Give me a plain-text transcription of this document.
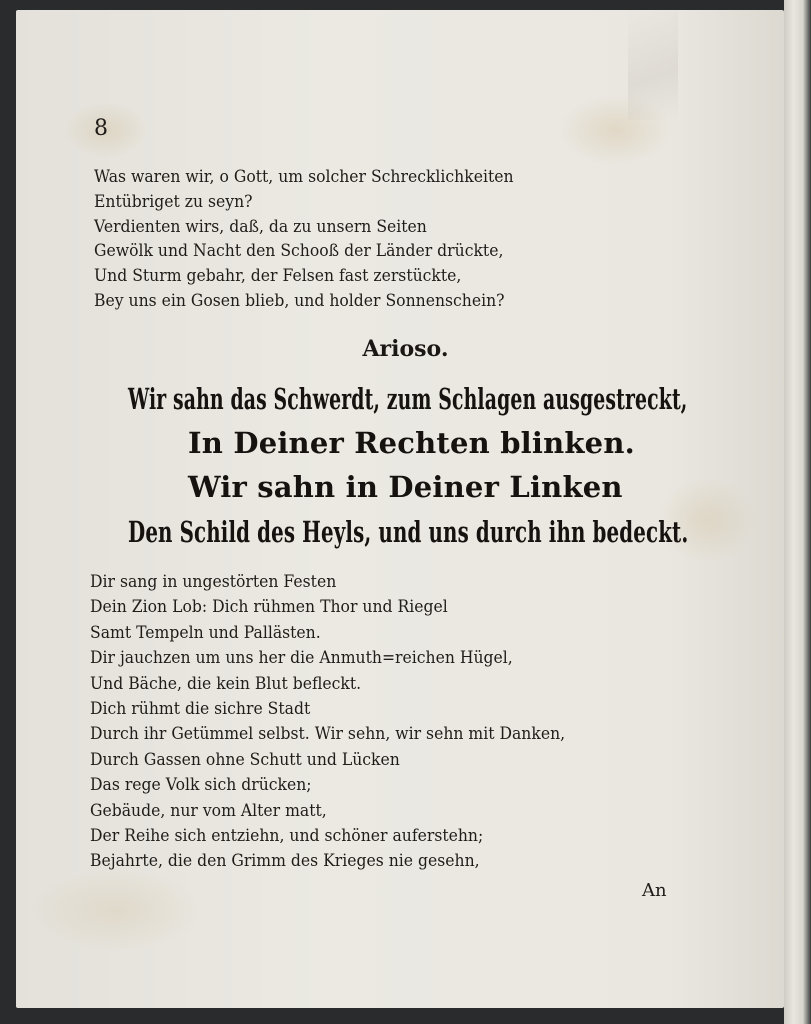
8
Was waren wir, o Gott, um solcher Schrecklichkeiten
Entübriget zu seyn?
Verdienten wirs, daß, da zu unsern Seiten
Gewölk und Nacht den Schooß der Länder drückte,
Und Sturm gebahr, der Felsen fast zerstückte,
Bey uns ein Gosen blieb, und holder Sonnenschein?
Arioso.
Wir sahn das Schwerdt, zum Schlagen ausgestreckt,
In Deiner Rechten blinken.
Wir sahn in Deiner Linken
Den Schild des Heyls, und uns durch ihn bedeckt.
Dir sang in ungestörten Festen
Dein Zion Lob: Dich rühmen Thor und Riegel
Samt Tempeln und Pallästen.
Dir jauchzen um uns her die Anmuth=reichen Hügel,
Und Bäche, die kein Blut befleckt.
Dich rühmt die sichre Stadt
Durch ihr Getümmel selbst. Wir sehn, wir sehn mit Danken,
Durch Gassen ohne Schutt und Lücken
Das rege Volk sich drücken;
Gebäude, nur vom Alter matt,
Der Reihe sich entziehn, und schöner auferstehn;
Bejahrte, die den Grimm des Krieges nie gesehn,
An
